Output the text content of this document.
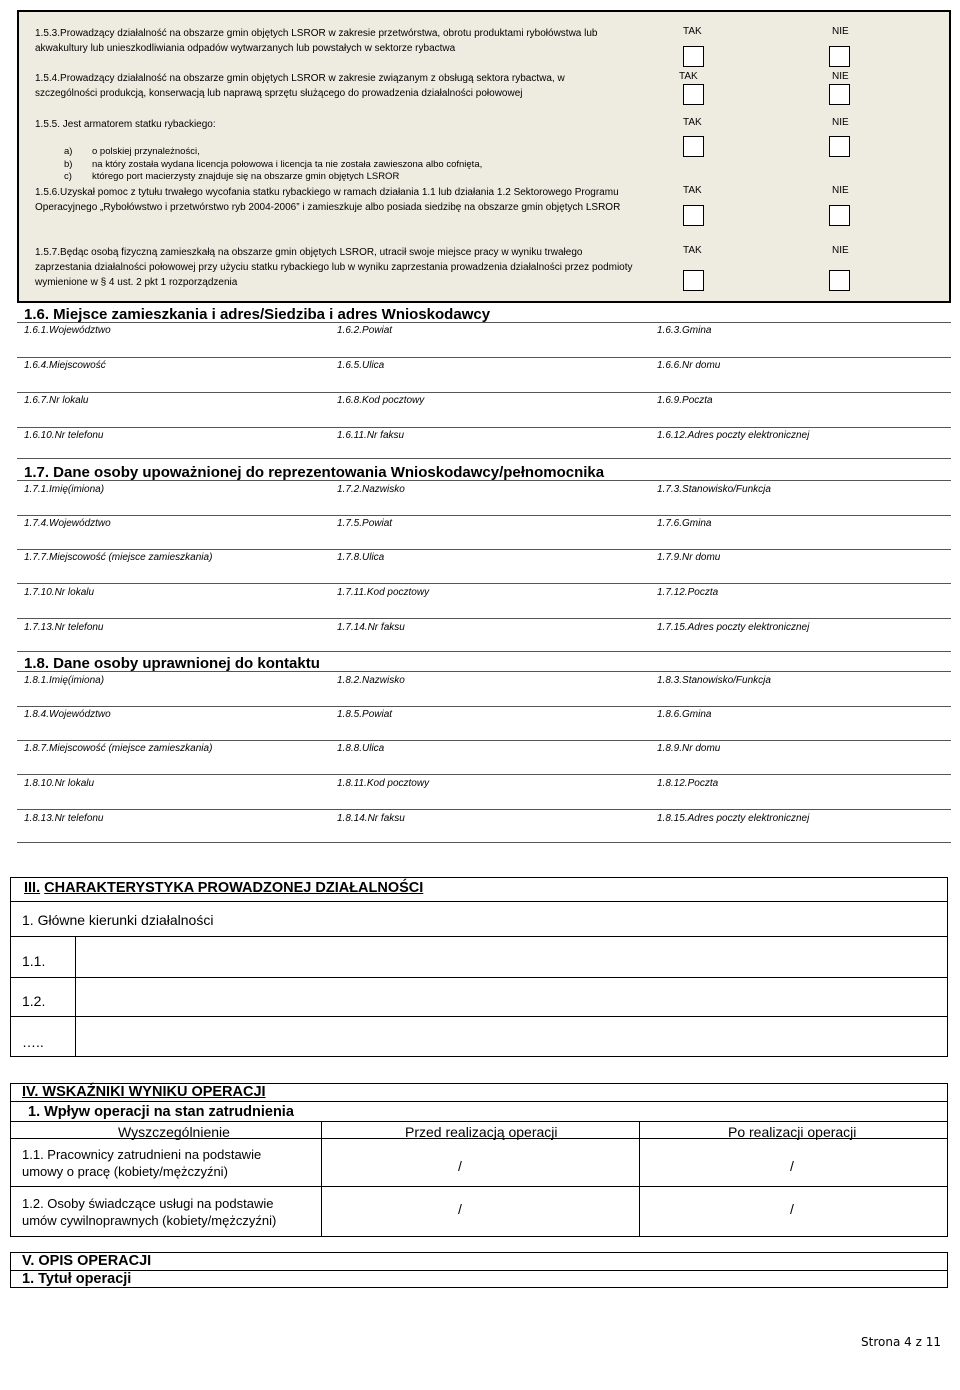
1.5.3.Prowadzący działalność na obszarze gmin objętych LSROR w zakresie przetwórstwa, obrotu produktami rybołówstwa lub akwakultury lub unieszkodliwiania odpadów wytwarzanych lub powstałych w sektorze rybactwa
TAK	NIE
1.5.4.Prowadzący działalność na obszarze gmin objętych LSROR w zakresie związanym z obsługą sektora rybactwa, w szczególności produkcją, konserwacją lub naprawą sprzętu służącego do prowadzenia działalności połowowej
TAK	NIE
1.5.5. Jest armatorem statku rybackiego:	TAK	NIE
a)	o polskiej przynależności,
b)	na który została wydana licencja połowowa i licencja ta nie została zawieszona albo cofnięta,
c)	którego port macierzysty znajduje się na obszarze gmin objętych LSROR
1.5.6.Uzyskał pomoc z tytułu trwałego wycofania statku rybackiego w ramach działania 1.1 lub działania 1.2 Sektorowego Programu Operacyjnego „Rybołówstwo i przetwórstwo ryb 2004-2006” i zamieszkuje albo posiada siedzibę na obszarze gmin objętych LSROR
TAK	NIE
1.5.7.Będąc osobą fizyczną zamieszkałą na obszarze gmin objętych LSROR, utracił swoje miejsce pracy w wyniku trwałego zaprzestania działalności połowowej przy użyciu statku rybackiego lub w wyniku zaprzestania prowadzenia działalności przez podmioty wymienione w § 4 ust. 2 pkt 1 rozporządzenia
TAK	NIE
1.6. Miejsce zamieszkania i adres/Siedziba i adres Wnioskodawcy
1.6.1.Województwo	1.6.2.Powiat	1.6.3.Gmina
1.6.4.Miejscowość	1.6.5.Ulica	1.6.6.Nr domu
1.6.7.Nr lokalu	1.6.8.Kod pocztowy	1.6.9.Poczta
1.6.10.Nr telefonu	1.6.11.Nr faksu	1.6.12.Adres poczty elektronicznej
1.7. Dane osoby upoważnionej do reprezentowania Wnioskodawcy/pełnomocnika
1.7.1.Imię(imiona)	1.7.2.Nazwisko	1.7.3.Stanowisko/Funkcja
1.7.4.Województwo	1.7.5.Powiat	1.7.6.Gmina
1.7.7.Miejscowość (miejsce zamieszkania)	1.7.8.Ulica	1.7.9.Nr domu
1.7.10.Nr lokalu	1.7.11.Kod pocztowy	1.7.12.Poczta
1.7.13.Nr telefonu	1.7.14.Nr faksu	1.7.15.Adres poczty elektronicznej
1.8. Dane osoby uprawnionej do kontaktu
1.8.1.Imię(imiona)	1.8.2.Nazwisko	1.8.3.Stanowisko/Funkcja
1.8.4.Województwo	1.8.5.Powiat	1.8.6.Gmina
1.8.7.Miejscowość (miejsce zamieszkania)	1.8.8.Ulica	1.8.9.Nr domu
1.8.10.Nr lokalu	1.8.11.Kod pocztowy	1.8.12.Poczta
1.8.13.Nr telefonu	1.8.14.Nr faksu	1.8.15.Adres poczty elektronicznej
III. CHARAKTERYSTYKA PROWADZONEJ DZIAŁALNOŚCI
1. Główne kierunki działalności
1.1.
1.2.
…..
IV. WSKAŹNIKI WYNIKU OPERACJI
1. Wpływ operacji na stan zatrudnienia
Wyszczególnienie	Przed realizacją operacji	Po realizacji operacji
1.1. Pracownicy zatrudnieni na podstawie
umowy o pracę (kobiety/mężczyźni)	/	/
1.2. Osoby świadczące usługi na podstawie
umów cywilnoprawnych (kobiety/mężczyźni)
/	/
V. OPIS OPERACJI
1. Tytuł operacji
Strona 4 z 11
